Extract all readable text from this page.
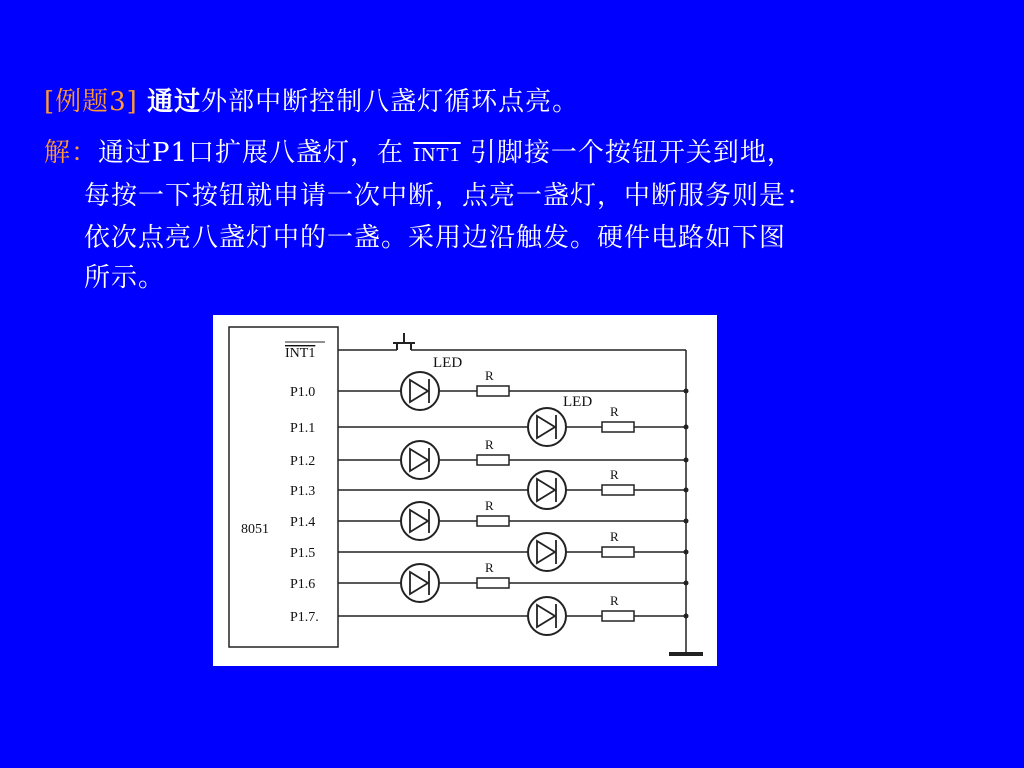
[例题3] 通过外部中断控制八盏灯循环点亮。
解：通过P1口扩展八盏灯，在 INT1 引脚接一个按钮开关到地，
每按一下按钮就申请一次中断，点亮一盏灯，中断服务则是：
依次点亮八盏灯中的一盏。采用边沿触发。硬件电路如下图
所示。
8051
INT1
LED
LED
P1.0
R
P1.1
R
P1.2
R
P1.3
R
P1.4
R
P1.5
R
P1.6
R
P1.7.
R
